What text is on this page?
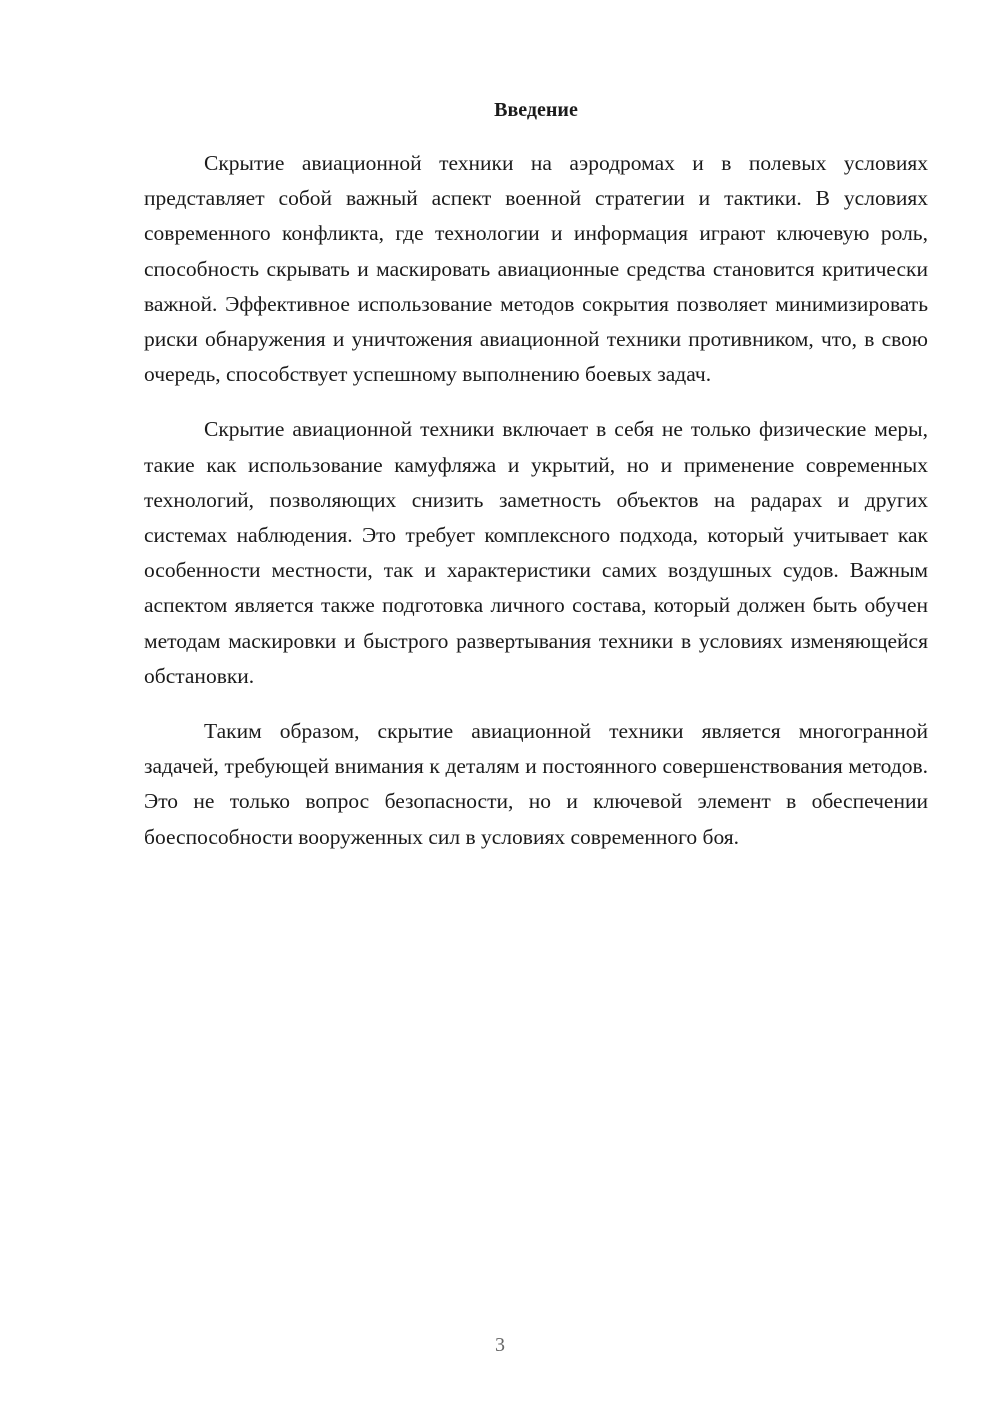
Введение

Скрытие авиационной техники на аэродромах и в полевых условиях представляет собой важный аспект военной стратегии и тактики. В условиях современного конфликта, где технологии и информация играют ключевую роль, способность скрывать и маскировать авиационные средства становится критически важной. Эффективное использование методов сокрытия позволяет минимизировать риски обнаружения и уничтожения авиационной техники противником, что, в свою очередь, способствует успешному выполнению боевых задач.

Скрытие авиационной техники включает в себя не только физические меры, такие как использование камуфляжа и укрытий, но и применение современных технологий, позволяющих снизить заметность объектов на радарах и других системах наблюдения. Это требует комплексного подхода, который учитывает как особенности местности, так и характеристики самих воздушных судов. Важным аспектом является также подготовка личного состава, который должен быть обучен методам маскировки и быстрого развертывания техники в условиях изменяющейся обстановки.

Таким образом, скрытие авиационной техники является многогранной задачей, требующей внимания к деталям и постоянного совершенствования методов. Это не только вопрос безопасности, но и ключевой элемент в обеспечении боеспособности вооруженных сил в условиях современного боя.

3
